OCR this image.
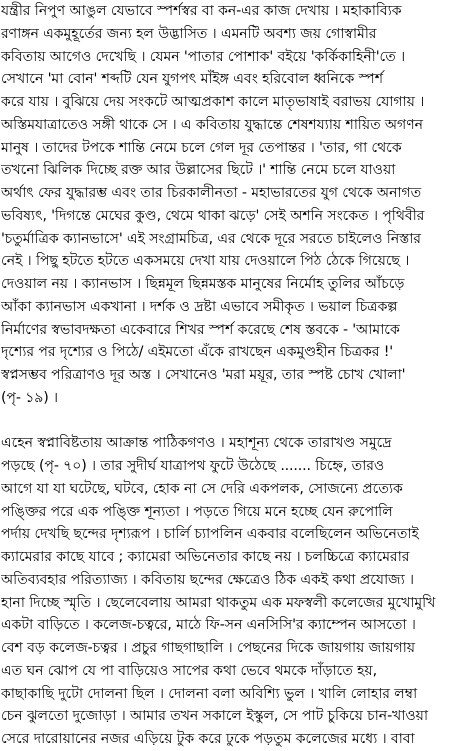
যন্ত্রীর নিপুণ আঙুল যেভাবে স্পর্শস্বর বা কন-এর কাজ দেখায় । মহাকাব্যিক
রণাঙ্গন একমুহূর্তের জন্য হল উদ্ভাসিত । এমনটি অবশ্য জয় গোস্বামীর
কবিতায় আগেও দেখেছি । যেমন 'পাতার পোশাক' বইয়ে 'কর্কিকাহিনী'তে ।
সেখানে 'মা বোন' শব্দটি যেন যুগপৎ মাঁইঙ্গ এবং হরিবোল ধ্বনিকে স্পর্শ
করে যায় । বুঝিয়ে দেয় সংকটে আত্মপ্রকাশ কালে মাতৃভাষাই বরাভয় যোগায় ।
অস্তিমযাত্রাতেও সঙ্গী থাকে সে । এ কবিতায় যুদ্ধান্তে শেষশয্যায় শায়িত অগণন
মানুষ । তাদের টপকে শান্তি নেমে চলে গেল দূর তেপান্তর । 'তার, গা থেকে
তখনো ঝিলিক দিচ্ছে রক্ত আর উল্লাসের ছিটে ।' শান্তি নেমে চলে যাওয়া
অর্থাৎ ফের যুদ্ধারম্ভ এবং তার চিরকালীনতা - মহাভারতের যুগ থেকে অনাগত
ভবিষ্যৎ, 'দিগন্তে মেঘের কুণ্ড, থেমে থাকা ঝড়ে' সেই অশনি সংকেত । পৃথিবীর
'চতুর্মাত্রিক ক্যানভাসে' এই সংগ্রামচিত্র, এর থেকে দূরে সরতে চাইলেও নিস্তার
নেই । পিছু হটতে হটতে একসময়ে দেখা যায় দেওয়ালে পিঠ ঠেকে গিয়েছে ।
দেওয়াল নয় । ক্যানভাস । ছিন্নমূল ছিন্নমস্তক মানুষের নির্মোহ তুলির আঁচড়ে
আঁকা ক্যানভাস একখানা । দর্শক ও দ্রষ্টা এভাবে সমীকৃত । ভয়াল চিত্রকল্প
নির্মাণের স্বভাবদক্ষতা একেবারে শিখর স্পর্শ করেছে শেষ স্তবকে - 'আমাকে
দৃশ্যের পর দৃশ্যের ও পিঠে/ এইমতো এঁকে রাখছেন একমুণ্ডহীন চিত্রকর !'
স্বপ্নসম্ভব পরিত্রাণও দূর অস্ত । সেখানেও 'মরা ময়ূর, তার স্পষ্ট চোখ খোলা'
(পৃ- ১৯) ।
এহেন স্বপ্নাবিষ্টতায় আক্রান্ত পাঠিকগণও । মহাশূন্য থেকে তারাখণ্ড সমুদ্রে
পড়ছে (পৃ- ৭০) । তার সুদীর্ঘ যাত্রাপথ ফুটে উঠেছে ....... চিহ্নে, তারও
আগে যা যা ঘটেছে, ঘটবে, হোক না সে দেরি একপলক, সোজন্যে প্রত্যেক
পঙ্ক্তির পরে এক পঙ্ক্তি শূন্যতা । পড়তে গিয়ে মনে হচ্ছে যেন রুপোলি
পর্দায় দেখছি ছন্দের দৃশ্যরূপ । চার্লি চ্যাপলিন একবার বলেছিলেন অভিনেতাই
ক্যামেরার কাছে যাবে ; ক্যামেরা অভিনেতার কাছে নয় । চলচ্চিত্রে ক্যামেরার
অতিব্যবহার পরিত্যাজ্য । কবিতায় ছন্দের ক্ষেত্রেও ঠিক একই কথা প্রযোজ্য ।
হানা দিচ্ছে স্মৃতি । ছেলেবেলায় আমরা থাকতুম এক মফস্বলী কলেজের মুখোমুখি
একটা বাড়িতে । কলেজ-চত্বরে, মাঠে ফি-সন এনসিসি'র ক্যাম্পেন আসতো ।
বেশ বড় কলেজ-চত্বর । প্রচুর গাছগাছালি । পেছনের দিকে জায়গায় জায়গায়
এত ঘন ঝোপ যে পা বাড়িয়েও সাপের কথা ভেবে থমকে দাঁড়াতে হয়,
কাছাকাছি দুটো দোলনা ছিল । দোলনা বলা অবিশ্যি ভুল । খালি লোহার লম্বা
চেন ঝুলতো দুজোড়া । আমার তখন সকালে ইস্কুল, সে পাট চুকিয়ে চান-খাওয়া
সেরে দারোয়ানের নজর এড়িয়ে টুক করে ঢুকে পড়তুম কলেজের মধ্যে । বাবা
